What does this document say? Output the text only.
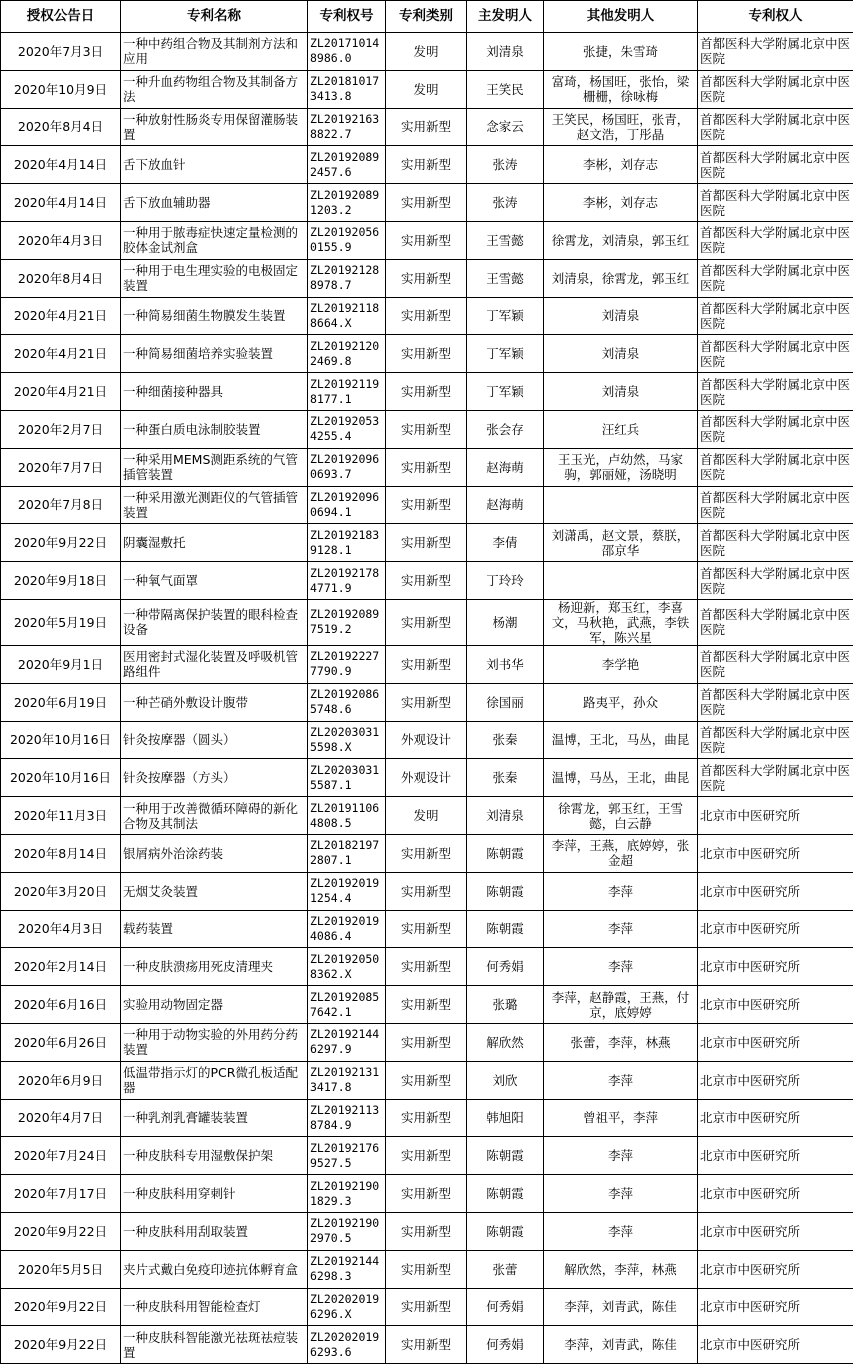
授权公告日	专利名称	专利权号	专利类别	主发明人	其他发明人	专利权人
2020年7月3日	一种中药组合物及其制剂方法和应用	ZL201710148986.0	发明	刘清泉	张捷，朱雪琦	首都医科大学附属北京中医医院
2020年10月9日	一种升血药物组合物及其制备方法	ZL201810173413.8	发明	王笑民	富琦，杨国旺，张怡，梁栅栅，徐咏梅	首都医科大学附属北京中医医院
2020年8月4日	一种放射性肠炎专用保留灌肠装置	ZL201921638822.7	实用新型	念家云	王笑民，杨国旺，张青，赵文浩，丁彤晶	首都医科大学附属北京中医医院
2020年4月14日	舌下放血针	ZL201920892457.6	实用新型	张涛	李彬，刘存志	首都医科大学附属北京中医医院
2020年4月14日	舌下放血辅助器	ZL201920891203.2	实用新型	张涛	李彬，刘存志	首都医科大学附属北京中医医院
2020年4月3日	一种用于脓毒症快速定量检测的胶体金试剂盒	ZL201920560155.9	实用新型	王雪懿	徐霄龙，刘清泉，郭玉红	首都医科大学附属北京中医医院
2020年8月4日	一种用于电生理实验的电极固定装置	ZL201921288978.7	实用新型	王雪懿	刘清泉，徐霄龙，郭玉红	首都医科大学附属北京中医医院
2020年4月21日	一种简易细菌生物膜发生装置	ZL201921188664.X	实用新型	丁军颖	刘清泉	首都医科大学附属北京中医医院
2020年4月21日	一种简易细菌培养实验装置	ZL201921202469.8	实用新型	丁军颖	刘清泉	首都医科大学附属北京中医医院
2020年4月21日	一种细菌接种器具	ZL201921198177.1	实用新型	丁军颖	刘清泉	首都医科大学附属北京中医医院
2020年2月7日	一种蛋白质电泳制胶装置	ZL201920534255.4	实用新型	张会存	汪红兵	首都医科大学附属北京中医医院
2020年7月7日	一种采用MEMS测距系统的气管插管装置	ZL201920960693.7	实用新型	赵海萌	王玉光，卢幼然，马家驹，郭丽娅，汤晓明	首都医科大学附属北京中医医院
2020年7月8日	一种采用激光测距仪的气管插管装置	ZL201920960694.1	实用新型	赵海萌		首都医科大学附属北京中医医院
2020年9月22日	阴囊湿敷托	ZL201921839128.1	实用新型	李倩	刘潇禹，赵文景，蔡朕，邵京华	首都医科大学附属北京中医医院
2020年9月18日	一种氧气面罩	ZL201921784771.9	实用新型	丁玲玲		首都医科大学附属北京中医医院
2020年5月19日	一种带隔离保护装置的眼科检查设备	ZL201920897519.2	实用新型	杨潮	杨迎新，郑玉红，李喜文，马秋艳，武燕，李铁军，陈兴星	首都医科大学附属北京中医医院
2020年9月1日	医用密封式湿化装置及呼吸机管路组件	ZL201922277790.9	实用新型	刘书华	李学艳	首都医科大学附属北京中医医院
2020年6月19日	一种芒硝外敷设计腹带	ZL201920865748.6	实用新型	徐国丽	路夷平，孙众	首都医科大学附属北京中医医院
2020年10月16日	针灸按摩器（圆头）	ZL202030315598.X	外观设计	张秦	温博，王北，马丛，曲昆	首都医科大学附属北京中医医院
2020年10月16日	针灸按摩器（方头）	ZL202030315587.1	外观设计	张秦	温博，马丛，王北，曲昆	首都医科大学附属北京中医医院
2020年11月3日	一种用于改善微循环障碍的新化合物及其制法	ZL201911064808.5	发明	刘清泉	徐霄龙，郭玉红，王雪懿，白云静	北京市中医研究所
2020年8月14日	银屑病外治涂药装	ZL201821972807.1	实用新型	陈朝霞	李萍，王燕，底婷婷，张金超	北京市中医研究所
2020年3月20日	无烟艾灸装置	ZL201920191254.4	实用新型	陈朝霞	李萍	北京市中医研究所
2020年4月3日	载药装置	ZL201920194086.4	实用新型	陈朝霞	李萍	北京市中医研究所
2020年2月14日	一种皮肤溃疡用死皮清理夹	ZL201920508362.X	实用新型	何秀娟	李萍	北京市中医研究所
2020年6月16日	实验用动物固定器	ZL201920857642.1	实用新型	张璐	李萍，赵静霞，王燕，付京，底婷婷	北京市中医研究所
2020年6月26日	一种用于动物实验的外用药分药装置	ZL201921446297.9	实用新型	解欣然	张蕾，李萍，林燕	北京市中医研究所
2020年6月9日	低温带指示灯的PCR微孔板适配器	ZL201921313417.8	实用新型	刘欣	李萍	北京市中医研究所
2020年4月7日	一种乳剂乳膏罐装装置	ZL201921138784.9	实用新型	韩旭阳	曾祖平，李萍	北京市中医研究所
2020年7月24日	一种皮肤科专用湿敷保护架	ZL201921769527.5	实用新型	陈朝霞	李萍	北京市中医研究所
2020年7月17日	一种皮肤科用穿刺针	ZL201921901829.3	实用新型	陈朝霞	李萍	北京市中医研究所
2020年9月22日	一种皮肤科用刮取装置	ZL201921902970.5	实用新型	陈朝霞	李萍	北京市中医研究所
2020年5月5日	夹片式戴白免疫印迹抗体孵育盒	ZL201921446298.3	实用新型	张蕾	解欣然，李萍，林燕	北京市中医研究所
2020年9月22日	一种皮肤科用智能检查灯	ZL202020196296.X	实用新型	何秀娟	李萍，刘青武，陈佳	北京市中医研究所
2020年9月22日	一种皮肤科智能激光祛斑祛痘装置	ZL202020196293.6	实用新型	何秀娟	李萍，刘青武，陈佳	北京市中医研究所
